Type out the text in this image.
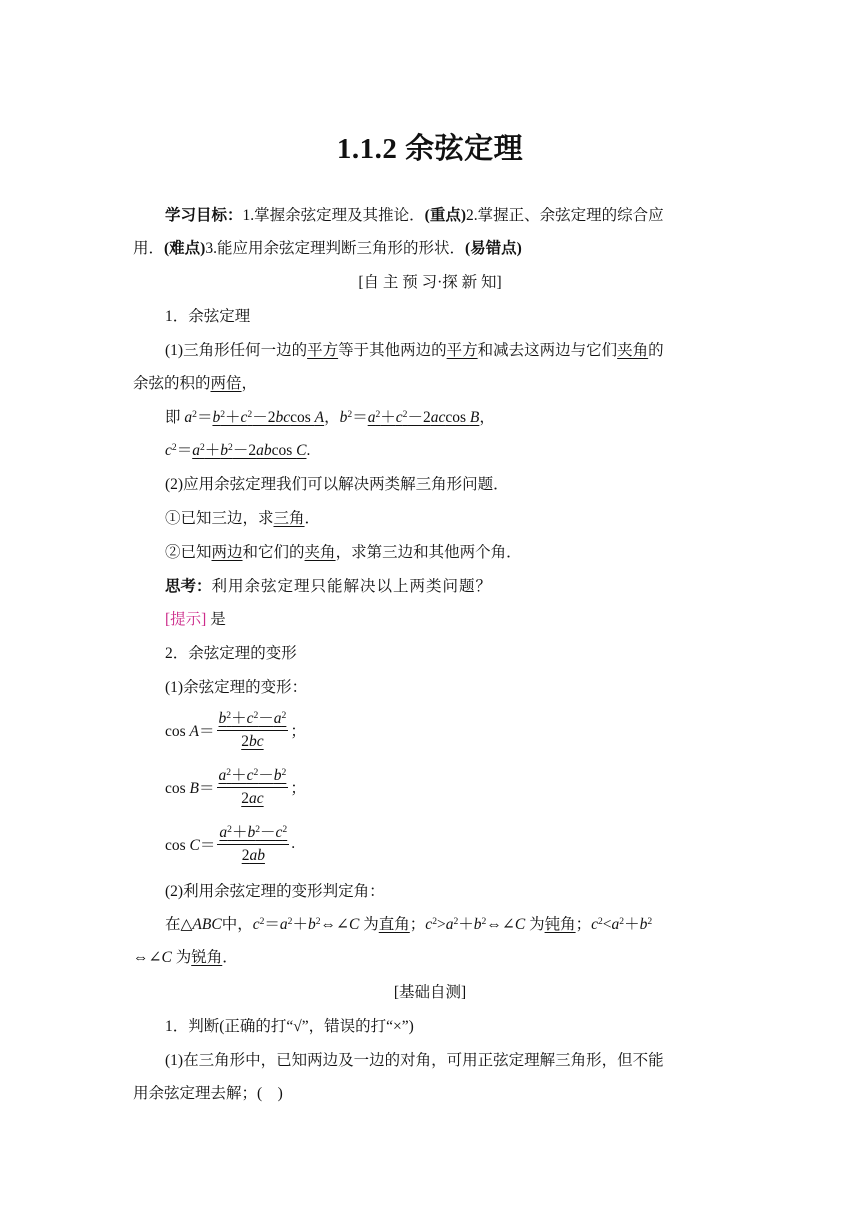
1.1.2 余弦定理
学习目标：1.掌握余弦定理及其推论．(重点)2.掌握正、余弦定理的综合应
用．(难点)3.能应用余弦定理判断三角形的形状．(易错点)
[自 主 预 习·探 新 知]
1．余弦定理
(1)三角形任何一边的平方等于其他两边的平方和减去这两边与它们夹角的
余弦的积的两倍，
即 $a^2=b^2+c^2-2bccos$ A，$b^2=a^2+c^2-2accos$ B，
$c^2=a^2+b^2-2abcos$ C.
(2)应用余弦定理我们可以解决两类解三角形问题．
①已知三边，求三角．
②已知两边和它们的夹角，求第三边和其他两个角．
思考：利用余弦定理只能解决以上两类问题？
[提示] 是
2．余弦定理的变形
(1)余弦定理的变形：
$\cos A= \frac{b^2+c^2-a^2}{2bc}$ ；
$\cos B= \frac{a^2+c^2-b^2}{2ac}$ ；
$\cos C= \frac{a^2+b^2-c^2}{2ab}$ .
(2)利用余弦定理的变形判定角：
在△ABC中，$c^2=a^2+b^2\Leftrightarrow\angle C$ 为直角；$c^2>a^2+b^2\Leftrightarrow\angle C$ 为钝角；$c^2<a^2+b^2$
⇔∠C 为锐角．
[基础自测]
1．判断(正确的打“√”，错误的打“×”)
(1)在三角形中，已知两边及一边的对角，可用正弦定理解三角形，但不能
用余弦定理去解；(　)
